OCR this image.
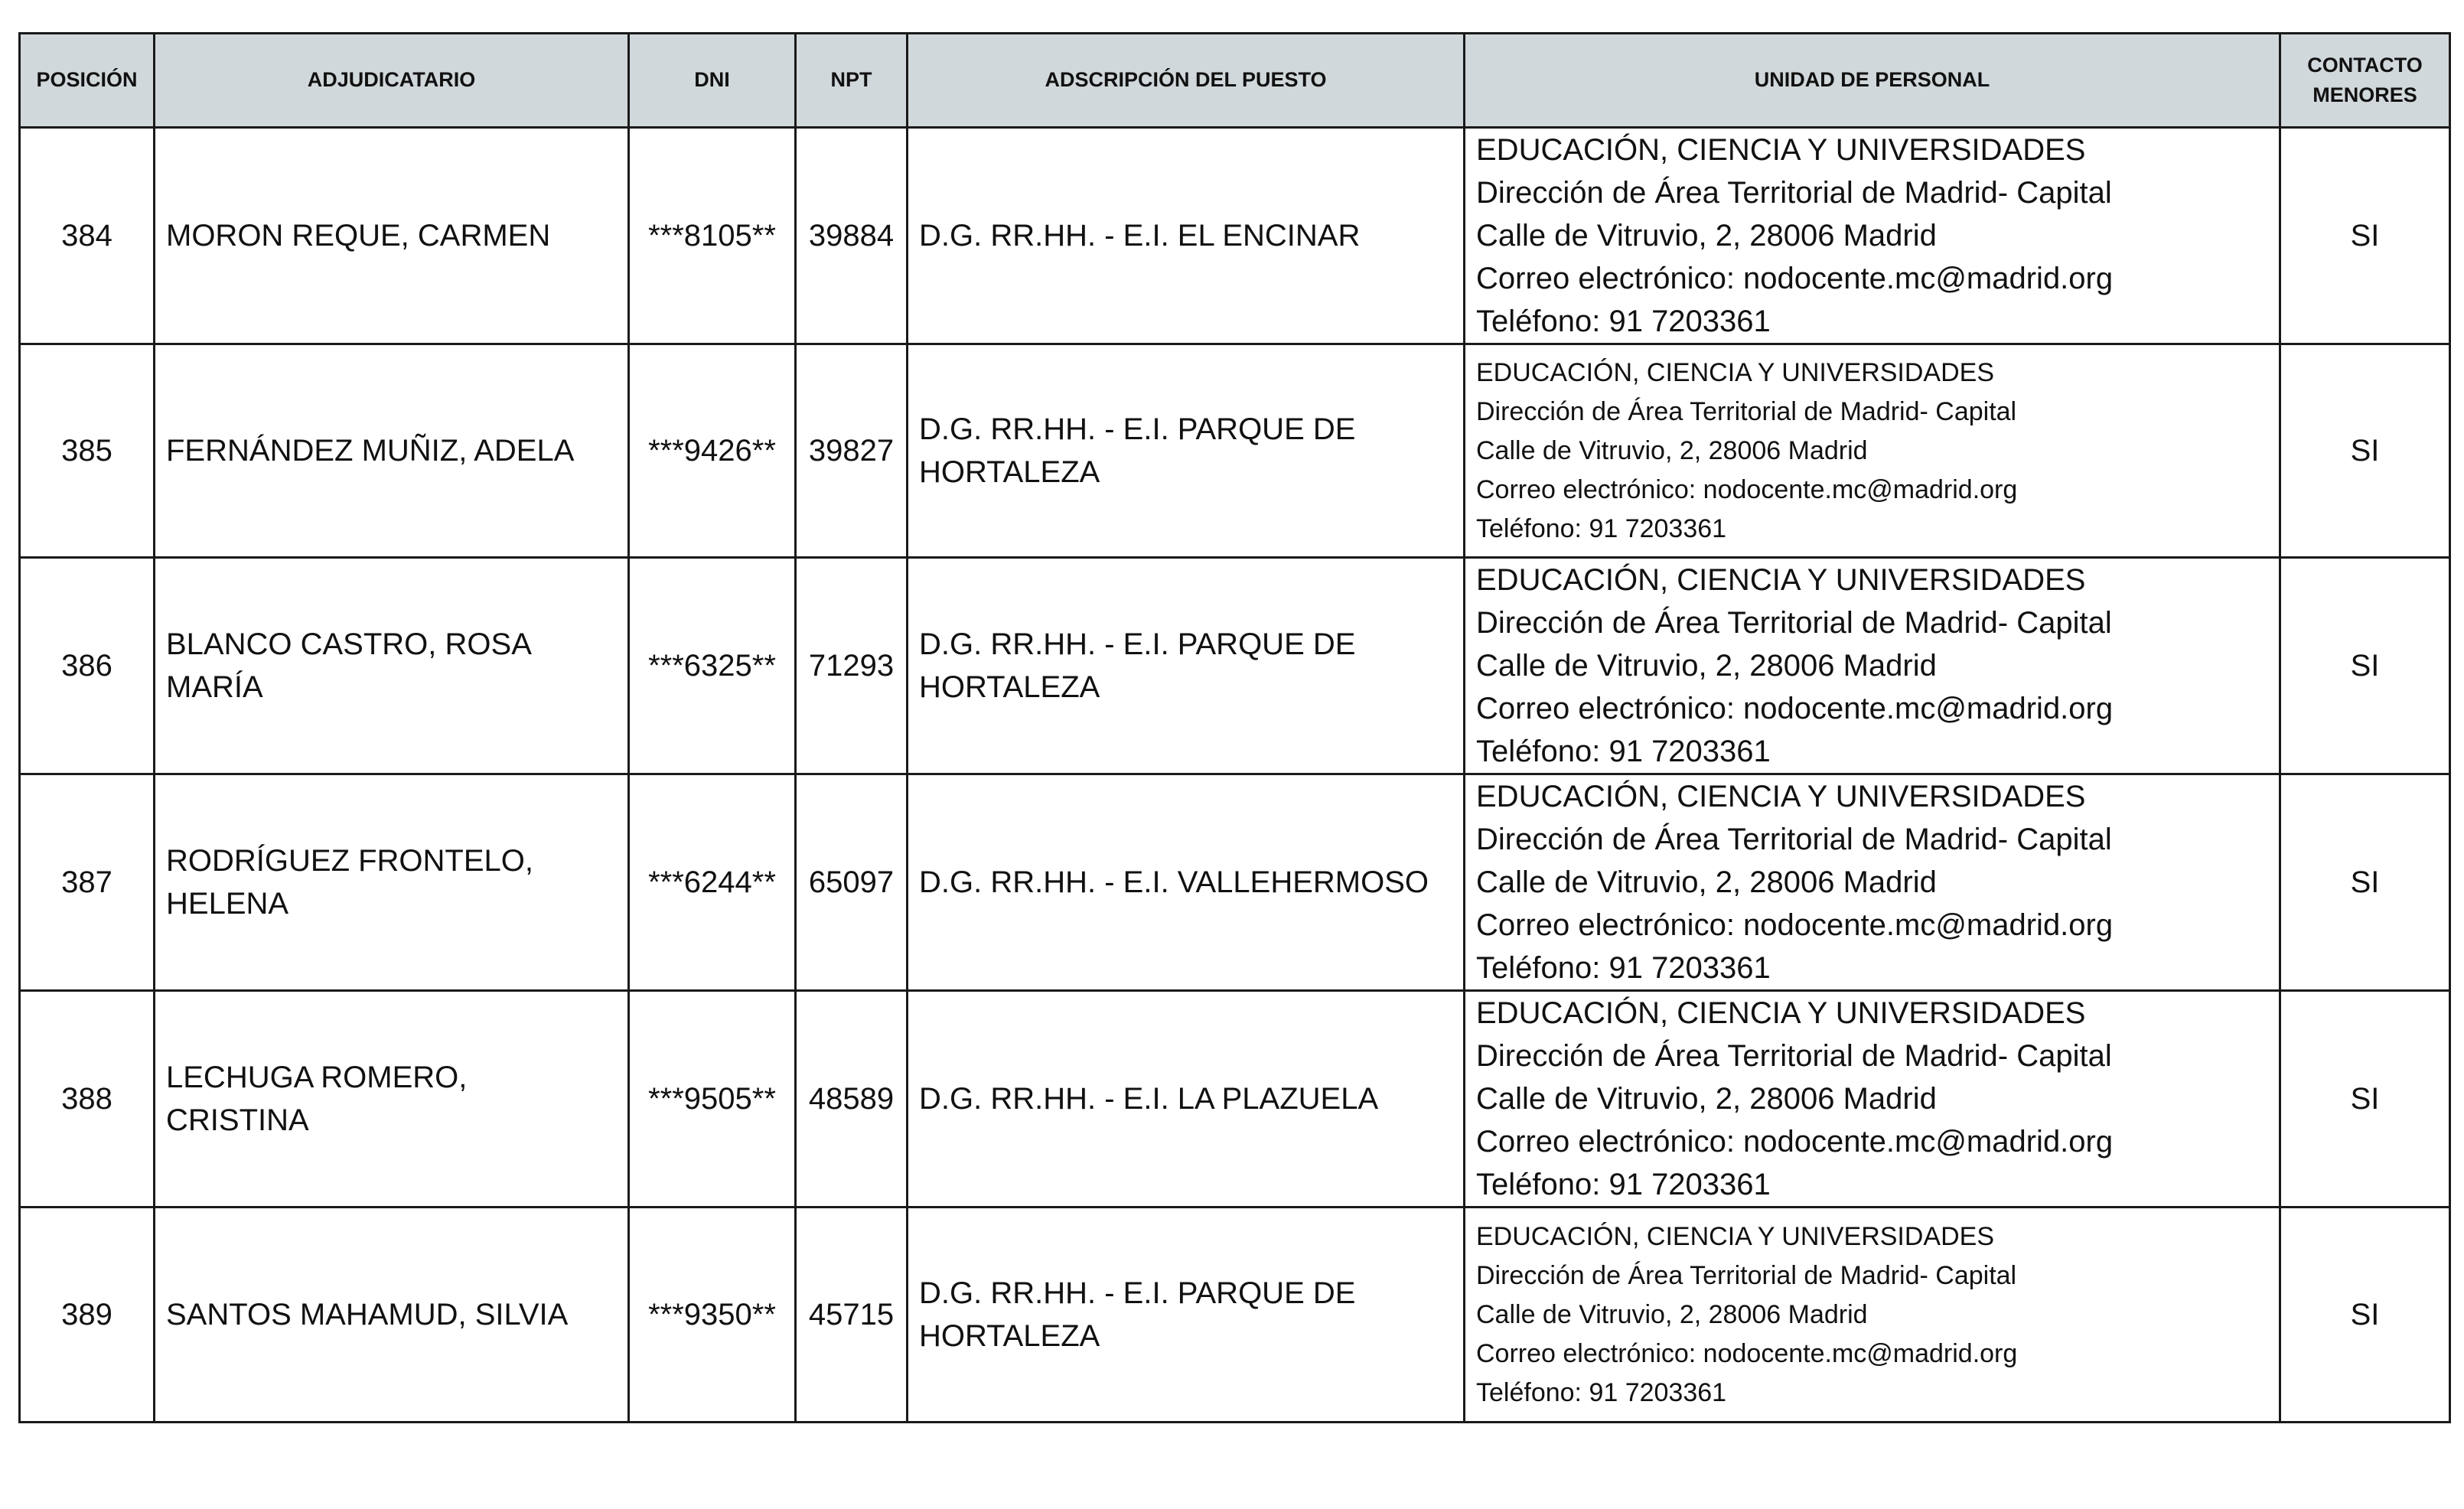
POSICIÓN	ADJUDICATARIO	DNI	NPT	ADSCRIPCIÓN DEL PUESTO	UNIDAD DE PERSONAL	CONTACTO
MENORES

384	MORON REQUE, CARMEN	***8105**	39884	D.G. RR.HH. - E.I. EL ENCINAR	EDUCACIÓN, CIENCIA Y UNIVERSIDADES
Dirección de Área Territorial de Madrid- Capital
Calle de Vitruvio, 2, 28006 Madrid
Correo electrónico: nodocente.mc@madrid.org
Teléfono: 91 7203361	SI
385	FERNÁNDEZ MUÑIZ, ADELA	***9426**	39827	D.G. RR.HH. - E.I. PARQUE DE HORTALEZA	EDUCACIÓN, CIENCIA Y UNIVERSIDADES
Dirección de Área Territorial de Madrid- Capital
Calle de Vitruvio, 2, 28006 Madrid
Correo electrónico: nodocente.mc@madrid.org
Teléfono: 91 7203361	SI
386	BLANCO CASTRO, ROSA MARÍA	***6325**	71293	D.G. RR.HH. - E.I. PARQUE DE HORTALEZA	EDUCACIÓN, CIENCIA Y UNIVERSIDADES
Dirección de Área Territorial de Madrid- Capital
Calle de Vitruvio, 2, 28006 Madrid
Correo electrónico: nodocente.mc@madrid.org
Teléfono: 91 7203361	SI
387	RODRÍGUEZ FRONTELO, HELENA	***6244**	65097	D.G. RR.HH. - E.I. VALLEHERMOSO	EDUCACIÓN, CIENCIA Y UNIVERSIDADES
Dirección de Área Territorial de Madrid- Capital
Calle de Vitruvio, 2, 28006 Madrid
Correo electrónico: nodocente.mc@madrid.org
Teléfono: 91 7203361	SI
388	LECHUGA ROMERO, CRISTINA	***9505**	48589	D.G. RR.HH. - E.I. LA PLAZUELA	EDUCACIÓN, CIENCIA Y UNIVERSIDADES
Dirección de Área Territorial de Madrid- Capital
Calle de Vitruvio, 2, 28006 Madrid
Correo electrónico: nodocente.mc@madrid.org
Teléfono: 91 7203361	SI
389	SANTOS MAHAMUD, SILVIA	***9350**	45715	D.G. RR.HH. - E.I. PARQUE DE HORTALEZA	EDUCACIÓN, CIENCIA Y UNIVERSIDADES
Dirección de Área Territorial de Madrid- Capital
Calle de Vitruvio, 2, 28006 Madrid
Correo electrónico: nodocente.mc@madrid.org
Teléfono: 91 7203361	SI
